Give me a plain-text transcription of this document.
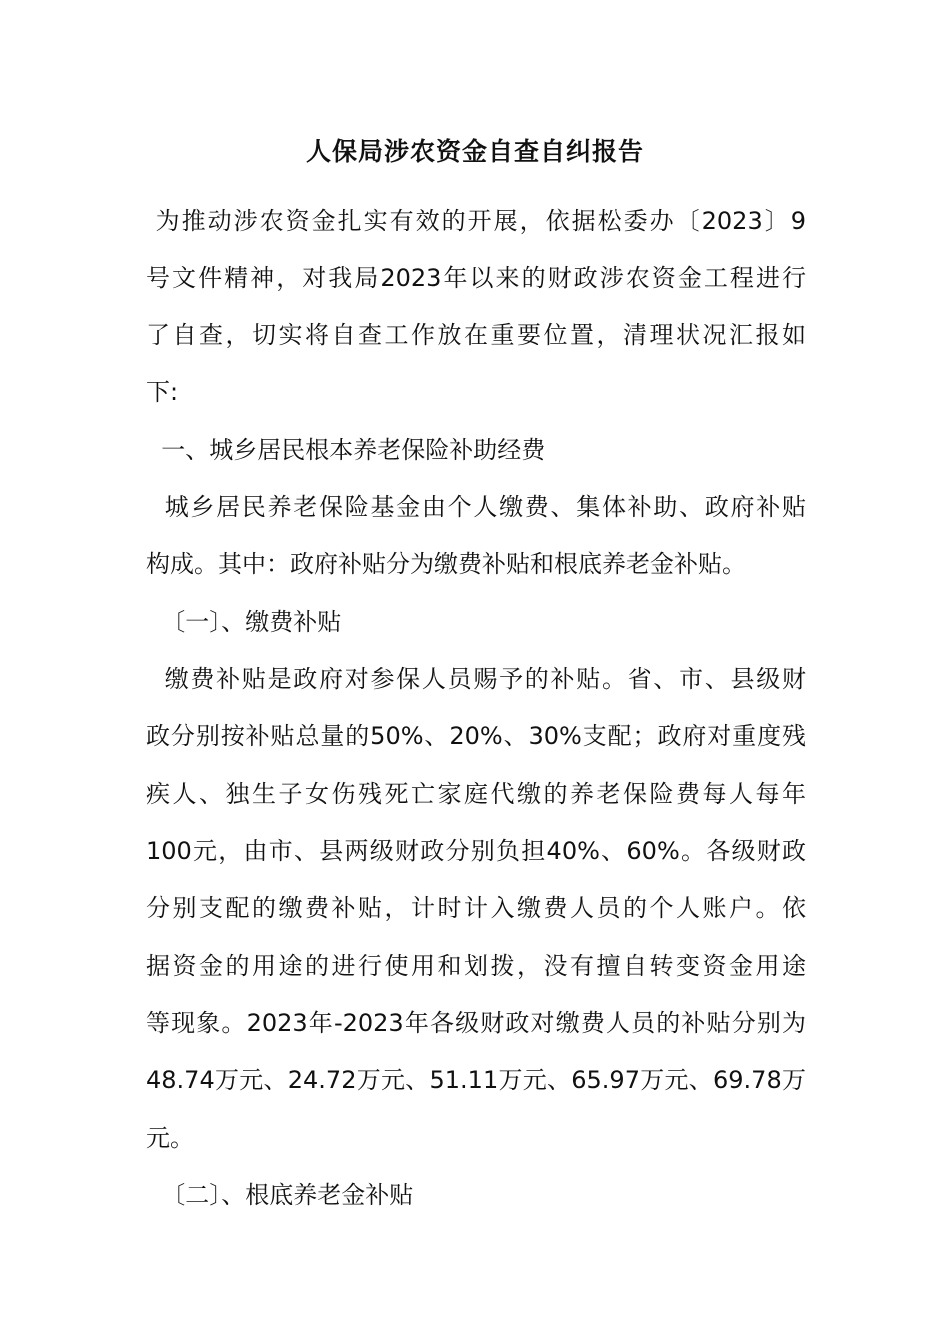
人保局涉农资金自查自纠报告

为推动涉农资金扎实有效的开展，依据松委办〔2023〕9

号文件精神，对我局2023年以来的财政涉农资金工程进行

了自查，切实将自查工作放在重要位置，清理状况汇报如

下:

一、城乡居民根本养老保险补助经费

城乡居民养老保险基金由个人缴费、集体补助、政府补贴

构成。其中：政府补贴分为缴费补贴和根底养老金补贴。

〔一〕、缴费补贴

缴费补贴是政府对参保人员赐予的补贴。省、市、县级财

政分别按补贴总量的50%、20%、30%支配；政府对重度残

疾人、独生子女伤残死亡家庭代缴的养老保险费每人每年

100元，由市、县两级财政分别负担40%、60%。各级财政

分别支配的缴费补贴，计时计入缴费人员的个人账户。依

据资金的用途的进行使用和划拨，没有擅自转变资金用途

等现象。2023年-2023年各级财政对缴费人员的补贴分别为

48.74万元、24.72万元、51.11万元、65.97万元、69.78万

元。

〔二〕、根底养老金补贴
